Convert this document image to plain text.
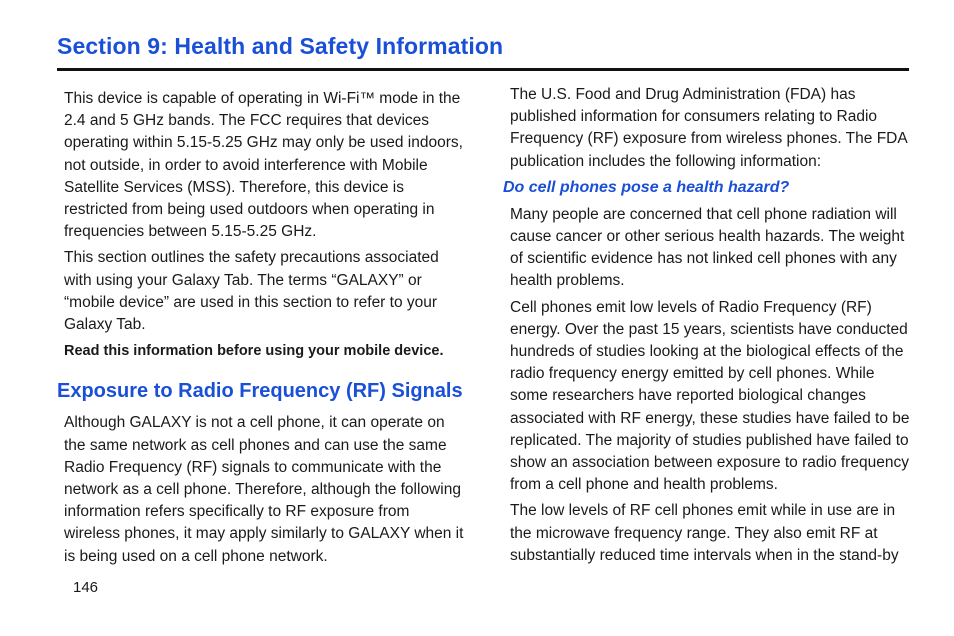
Section 9: Health and Safety Information

This device is capable of operating in Wi-Fi™ mode in the 2.4 and 5 GHz bands. The FCC requires that devices operating within 5.15-5.25 GHz may only be used indoors, not outside, in order to avoid interference with Mobile Satellite Services (MSS). Therefore, this device is restricted from being used outdoors when operating in frequencies between 5.15-5.25 GHz.

This section outlines the safety precautions associated with using your Galaxy Tab. The terms “GALAXY” or “mobile device” are used in this section to refer to your Galaxy Tab.

Read this information before using your mobile device.

Exposure to Radio Frequency (RF) Signals

Although GALAXY is not a cell phone, it can operate on the same network as cell phones and can use the same Radio Frequency (RF) signals to communicate with the network as a cell phone. Therefore, although the following information refers specifically to RF exposure from wireless phones, it may apply similarly to GALAXY when it is being used on a cell phone network.

The U.S. Food and Drug Administration (FDA) has published information for consumers relating to Radio Frequency (RF) exposure from wireless phones. The FDA publication includes the following information:

Do cell phones pose a health hazard?

Many people are concerned that cell phone radiation will cause cancer or other serious health hazards. The weight of scientific evidence has not linked cell phones with any health problems.

Cell phones emit low levels of Radio Frequency (RF) energy. Over the past 15 years, scientists have conducted hundreds of studies looking at the biological effects of the radio frequency energy emitted by cell phones. While some researchers have reported biological changes associated with RF energy, these studies have failed to be replicated. The majority of studies published have failed to show an association between exposure to radio frequency from a cell phone and health problems.

The low levels of RF cell phones emit while in use are in the microwave frequency range. They also emit RF at substantially reduced time intervals when in the stand-by

146
